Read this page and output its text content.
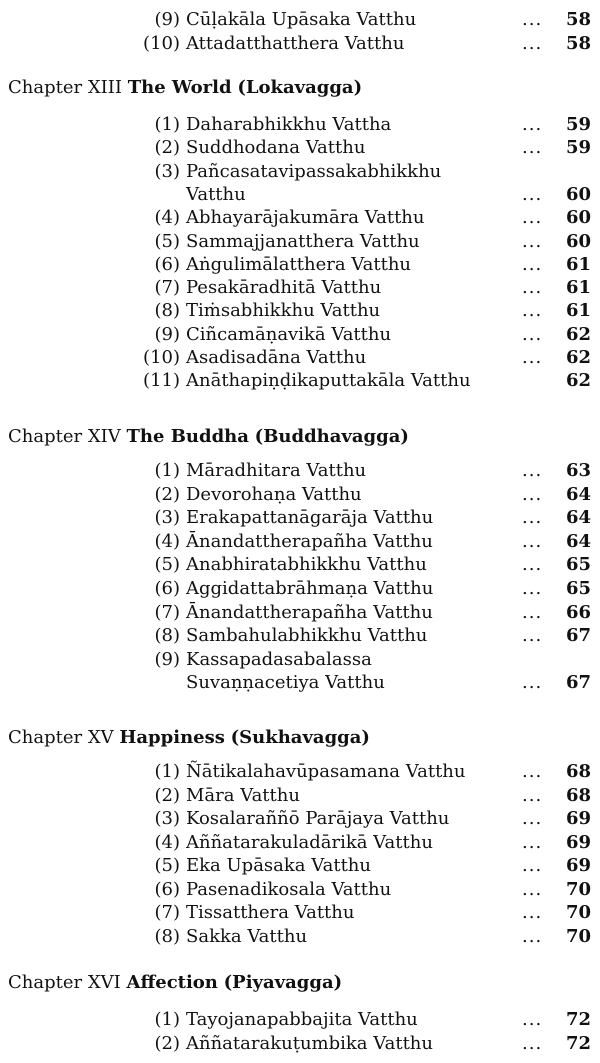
(9) Cūḷakāla Upāsaka Vatthu	... 58
(10) Attadatthatthera Vatthu	... 58
Chapter XIII The World (Lokavagga)
(1) Daharabhikkhu Vattha	... 59
(2) Suddhodana Vatthu	... 59
(3) Pañcasatavipassakabhikkhu
Vatthu	... 60
(4) Abhayarājakumāra Vatthu	... 60
(5) Sammajjanatthera Vatthu	... 60
(6) Aṅgulimālatthera Vatthu	... 61
(7) Pesakāradhitā Vatthu	... 61
(8) Tiṁsabhikkhu Vatthu	... 61
(9) Ciñcamāṇavikā Vatthu	... 62
(10) Asadisadāna Vatthu	... 62
(11) Anāthapiṇḍikaputtakāla Vatthu	62
Chapter XIV The Buddha (Buddhavagga)
(1) Māradhitara Vatthu	... 63
(2) Devorohaṇa Vatthu	... 64
(3) Erakapattanāgarāja Vatthu	... 64
(4) Ānandattherapañha Vatthu	... 64
(5) Anabhiratabhikkhu Vatthu	... 65
(6) Aggidattabrāhmaṇa Vatthu	... 65
(7) Ānandattherapañha Vatthu	... 66
(8) Sambahulabhikkhu Vatthu	... 67
(9) Kassapadasabalassa
Suvaṇṇacetiya Vatthu	... 67
Chapter XV Happiness (Sukhavagga)
(1) Ñātikalahavūpasamana Vatthu	... 68
(2) Māra Vatthu	... 68
(3) Kosalaraññō Parājaya Vatthu	... 69
(4) Aññatarakuladārikā Vatthu	... 69
(5) Eka Upāsaka Vatthu	... 69
(6) Pasenadikosala Vatthu	... 70
(7) Tissatthera Vatthu	... 70
(8) Sakka Vatthu	... 70
Chapter XVI Affection (Piyavagga)
(1) Tayojanapabbajita Vatthu	... 72
(2) Aññatarakuṭumbika Vatthu	... 72
